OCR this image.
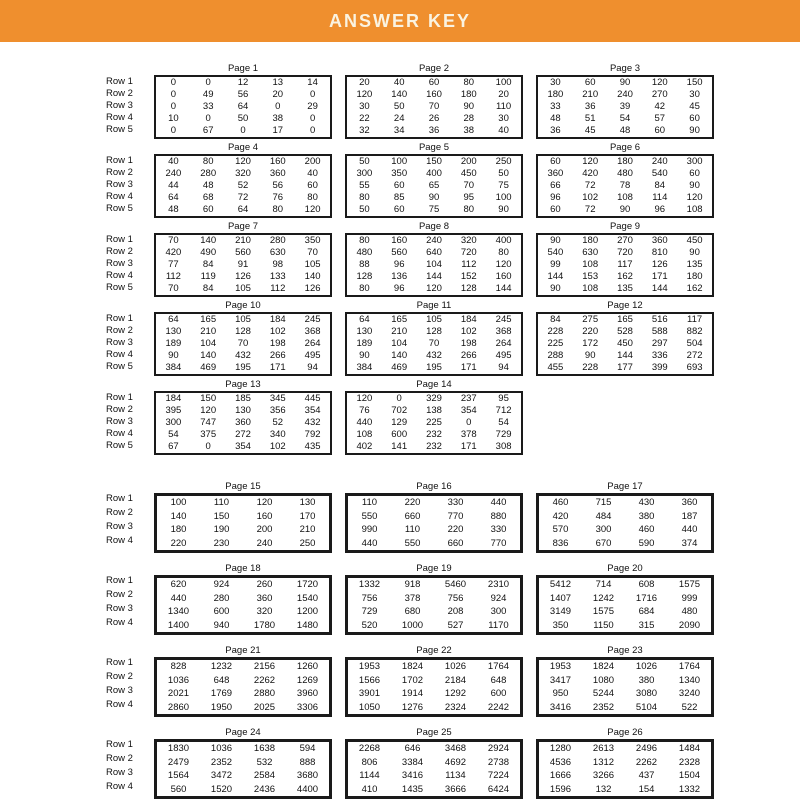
ANSWER KEY
Row 1
Row 2
Row 3
Row 4
Row 5
Page 1
0	0	12	13	14
0	49	56	20	0
0	33	64	0	29
10	0	50	38	0
0	67	0	17	0
Page 2
20	40	60	80	100
120	140	160	180	20
30	50	70	90	110
22	24	26	28	30
32	34	36	38	40
Page 3
30	60	90	120	150
180	210	240	270	30
33	36	39	42	45
48	51	54	57	60
36	45	48	60	90
Row 1
Row 2
Row 3
Row 4
Row 5
Page 4
40	80	120	160	200
240	280	320	360	40
44	48	52	56	60
64	68	72	76	80
48	60	64	80	120
Page 5
50	100	150	200	250
300	350	400	450	50
55	60	65	70	75
80	85	90	95	100
50	60	75	80	90
Page 6
60	120	180	240	300
360	420	480	540	60
66	72	78	84	90
96	102	108	114	120
60	72	90	96	108
Row 1
Row 2
Row 3
Row 4
Row 5
Page 7
70	140	210	280	350
420	490	560	630	70
77	84	91	98	105
112	119	126	133	140
70	84	105	112	126
Page 8
80	160	240	320	400
480	560	640	720	80
88	96	104	112	120
128	136	144	152	160
80	96	120	128	144
Page 9
90	180	270	360	450
540	630	720	810	90
99	108	117	126	135
144	153	162	171	180
90	108	135	144	162
Row 1
Row 2
Row 3
Row 4
Row 5
Page 10
64	165	105	184	245
130	210	128	102	368
189	104	70	198	264
90	140	432	266	495
384	469	195	171	94
Page 11
64	165	105	184	245
130	210	128	102	368
189	104	70	198	264
90	140	432	266	495
384	469	195	171	94
Page 12
84	275	165	516	117
228	220	528	588	882
225	172	450	297	504
288	90	144	336	272
455	228	177	399	693
Row 1
Row 2
Row 3
Row 4
Row 5
Page 13
184	150	185	345	445
395	120	130	356	354
300	747	360	52	432
54	375	272	340	792
67	0	354	102	435
Page 14
120	0	329	237	95
76	702	138	354	712
440	129	225	0	54
108	600	232	378	729
402	141	232	171	308
Row 1
Row 2
Row 3
Row 4
Page 15
100	110	120	130
140	150	160	170
180	190	200	210
220	230	240	250
Page 16
110	220	330	440
550	660	770	880
990	110	220	330
440	550	660	770
Page 17
460	715	430	360
420	484	380	187
570	300	460	440
836	670	590	374
Row 1
Row 2
Row 3
Row 4
Page 18
620	924	260	1720
440	280	360	1540
1340	600	320	1200
1400	940	1780	1480
Page 19
1332	918	5460	2310
756	378	756	924
729	680	208	300
520	1000	527	1170
Page 20
5412	714	608	1575
1407	1242	1716	999
3149	1575	684	480
350	1150	315	2090
Row 1
Row 2
Row 3
Row 4
Page 21
828	1232	2156	1260
1036	648	2262	1269
2021	1769	2880	3960
2860	1950	2025	3306
Page 22
1953	1824	1026	1764
1566	1702	2184	648
3901	1914	1292	600
1050	1276	2324	2242
Page 23
1953	1824	1026	1764
3417	1080	380	1340
950	5244	3080	3240
3416	2352	5104	522
Row 1
Row 2
Row 3
Row 4
Page 24
1830	1036	1638	594
2479	2352	532	888
1564	3472	2584	3680
560	1520	2436	4400
Page 25
2268	646	3468	2924
806	3384	4692	2738
1144	3416	1134	7224
410	1435	3666	6424
Page 26
1280	2613	2496	1484
4536	1312	2262	2328
1666	3266	437	1504
1596	132	154	1332
